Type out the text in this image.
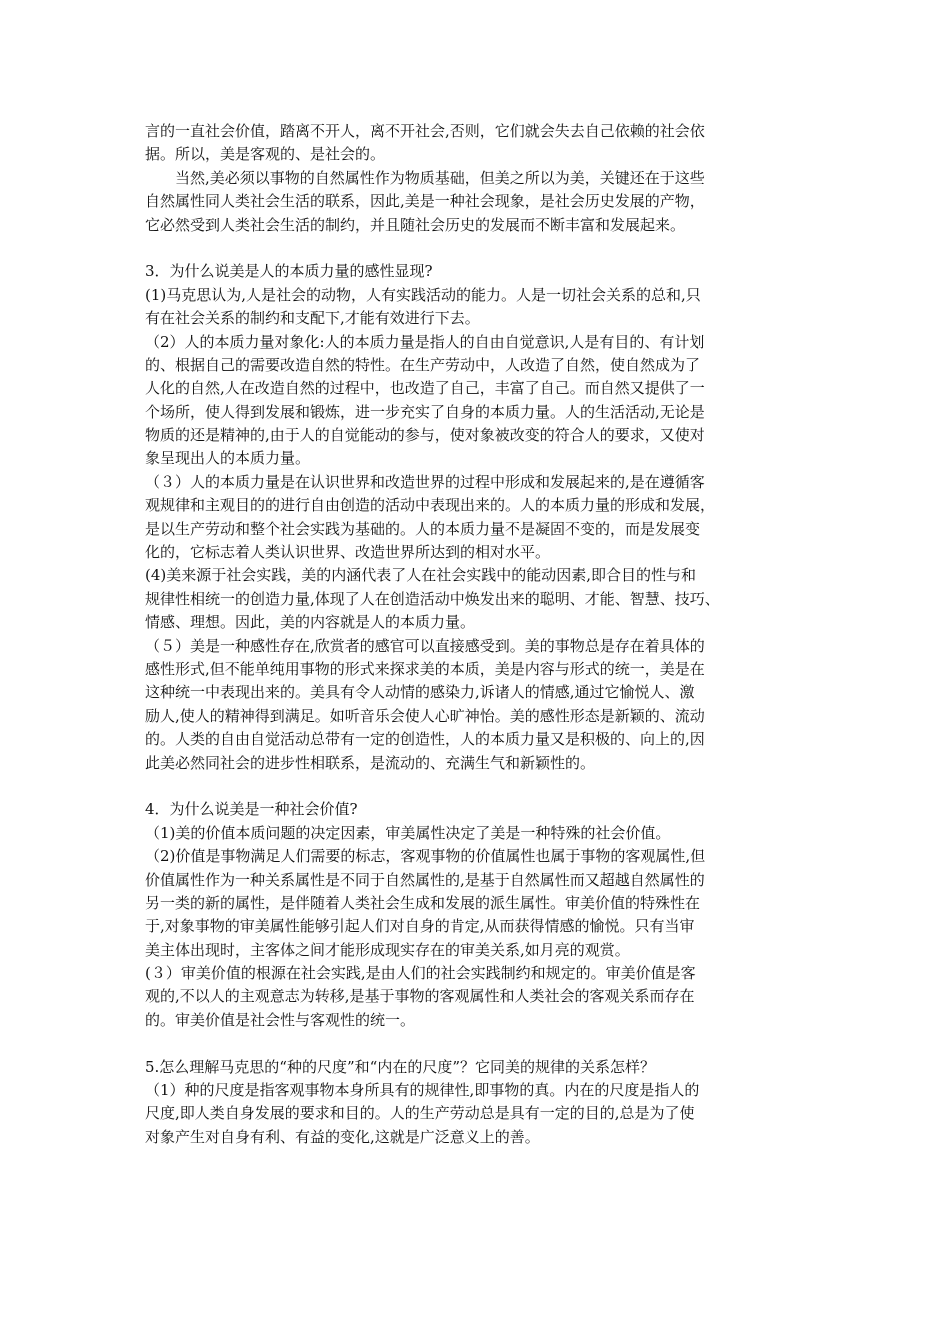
言的一直社会价值，踏离不开人，离不开社会,否则，它们就会失去自己依赖的社会依
据。所以，美是客观的、是社会的。
当然,美必须以事物的自然属性作为物质基础，但美之所以为美，关键还在于这些
自然属性同人类社会生活的联系，因此,美是一种社会现象，是社会历史发展的产物，
它必然受到人类社会生活的制约，并且随社会历史的发展而不断丰富和发展起来。
3．为什么说美是人的本质力量的感性显现?
(1)马克思认为,人是社会的动物，人有实践活动的能力。人是一切社会关系的总和,只
有在社会关系的制约和支配下,才能有效进行下去。
（2）人的本质力量对象化:人的本质力量是指人的自由自觉意识,人是有目的、有计划
的、根据自己的需要改造自然的特性。在生产劳动中，人改造了自然，使自然成为了
人化的自然,人在改造自然的过程中，也改造了自己，丰富了自己。而自然又提供了一
个场所，使人得到发展和锻炼，进一步充实了自身的本质力量。人的生活活动,无论是
物质的还是精神的,由于人的自觉能动的参与，使对象被改变的符合人的要求，又使对
象呈现出人的本质力量。
（３）人的本质力量是在认识世界和改造世界的过程中形成和发展起来的,是在遵循客
观规律和主观目的的进行自由创造的活动中表现出来的。人的本质力量的形成和发展，
是以生产劳动和整个社会实践为基础的。人的本质力量不是凝固不变的，而是发展变
化的，它标志着人类认识世界、改造世界所达到的相对水平。
(4)美来源于社会实践，美的内涵代表了人在社会实践中的能动因素,即合目的性与和
规律性相统一的创造力量,体现了人在创造活动中焕发出来的聪明、才能、智慧、技巧、
情感、理想。因此，美的内容就是人的本质力量。
（５）美是一种感性存在,欣赏者的感官可以直接感受到。美的事物总是存在着具体的
感性形式,但不能单纯用事物的形式来探求美的本质，美是内容与形式的统一，美是在
这种统一中表现出来的。美具有令人动情的感染力,诉诸人的情感,通过它愉悦人、激
励人,使人的精神得到满足。如听音乐会使人心旷神怡。美的感性形态是新颖的、流动
的。人类的自由自觉活动总带有一定的创造性，人的本质力量又是积极的、向上的,因
此美必然同社会的进步性相联系，是流动的、充满生气和新颖性的。
4．为什么说美是一种社会价值?
（1)美的价值本质问题的决定因素，审美属性决定了美是一种特殊的社会价值。
（2)价值是事物满足人们需要的标志，客观事物的价值属性也属于事物的客观属性,但
价值属性作为一种关系属性是不同于自然属性的,是基于自然属性而又超越自然属性的
另一类的新的属性，是伴随着人类社会生成和发展的派生属性。审美价值的特殊性在
于,对象事物的审美属性能够引起人们对自身的肯定,从而获得情感的愉悦。只有当审
美主体出现时，主客体之间才能形成现实存在的审美关系,如月亮的观赏。
(３）审美价值的根源在社会实践,是由人们的社会实践制约和规定的。审美价值是客
观的,不以人的主观意志为转移,是基于事物的客观属性和人类社会的客观关系而存在
的。审美价值是社会性与客观性的统一。
5.怎么理解马克思的“种的尺度”和“内在的尺度”？它同美的规律的关系怎样？
（1）种的尺度是指客观事物本身所具有的规律性,即事物的真。内在的尺度是指人的
尺度,即人类自身发展的要求和目的。人的生产劳动总是具有一定的目的,总是为了使
对象产生对自身有利、有益的变化,这就是广泛意义上的善。
